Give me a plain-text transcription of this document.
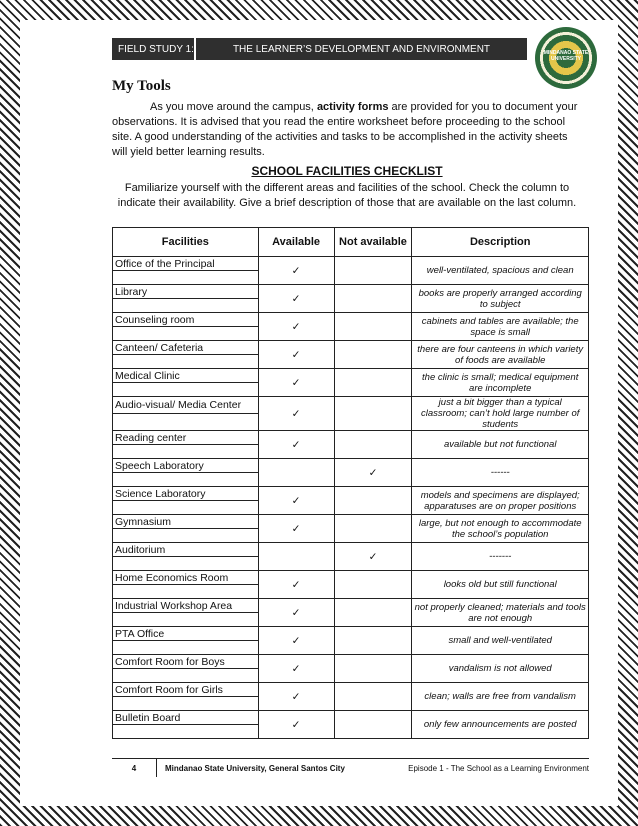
FIELD STUDY 1:	THE LEARNER’S DEVELOPMENT AND ENVIRONMENT	MINDANAO STATE UNIVERSITY
My Tools
As you move around the campus, activity forms are provided for you to document your observations. It is advised that you read the entire worksheet before proceeding to the school site. A good understanding of the activities and tasks to be accomplished in the activity sheets will yield better learning results.
SCHOOL FACILITIES CHECKLIST
Familiarize yourself with the different areas and facilities of the school. Check the column to indicate their availability. Give a brief description of those that are available on the last column.
Facilities	Available	Not available	Description
Office of the Principal	✓		well-ventilated, spacious and clean

Library	✓		books are properly arranged according to subject

Counseling room	✓		cabinets and tables are available; the space is small

Canteen/ Cafeteria	✓		there are four canteens in which variety of foods are available

Medical Clinic	✓		the clinic is small; medical equipment are incomplete

Audio-visual/ Media Center	✓		just a bit bigger than a typical classroom; can’t hold large number of students

Reading center	✓		available but not functional

Speech Laboratory		✓	------

Science Laboratory	✓		models and specimens are displayed; apparatuses are on proper positions

Gymnasium	✓		large, but not enough to accommodate the school’s population

Auditorium		✓	-------

Home Economics Room	✓		looks old but still functional

Industrial Workshop Area	✓		not properly cleaned; materials and tools are not enough

PTA Office	✓		small and well-ventilated

Comfort Room for Boys	✓		vandalism is not allowed

Comfort Room for Girls	✓		clean; walls are free from vandalism

Bulletin Board	✓		only few announcements are posted

4	Mindanao State University, General Santos City	Episode 1 - The School as a Learning Environment
